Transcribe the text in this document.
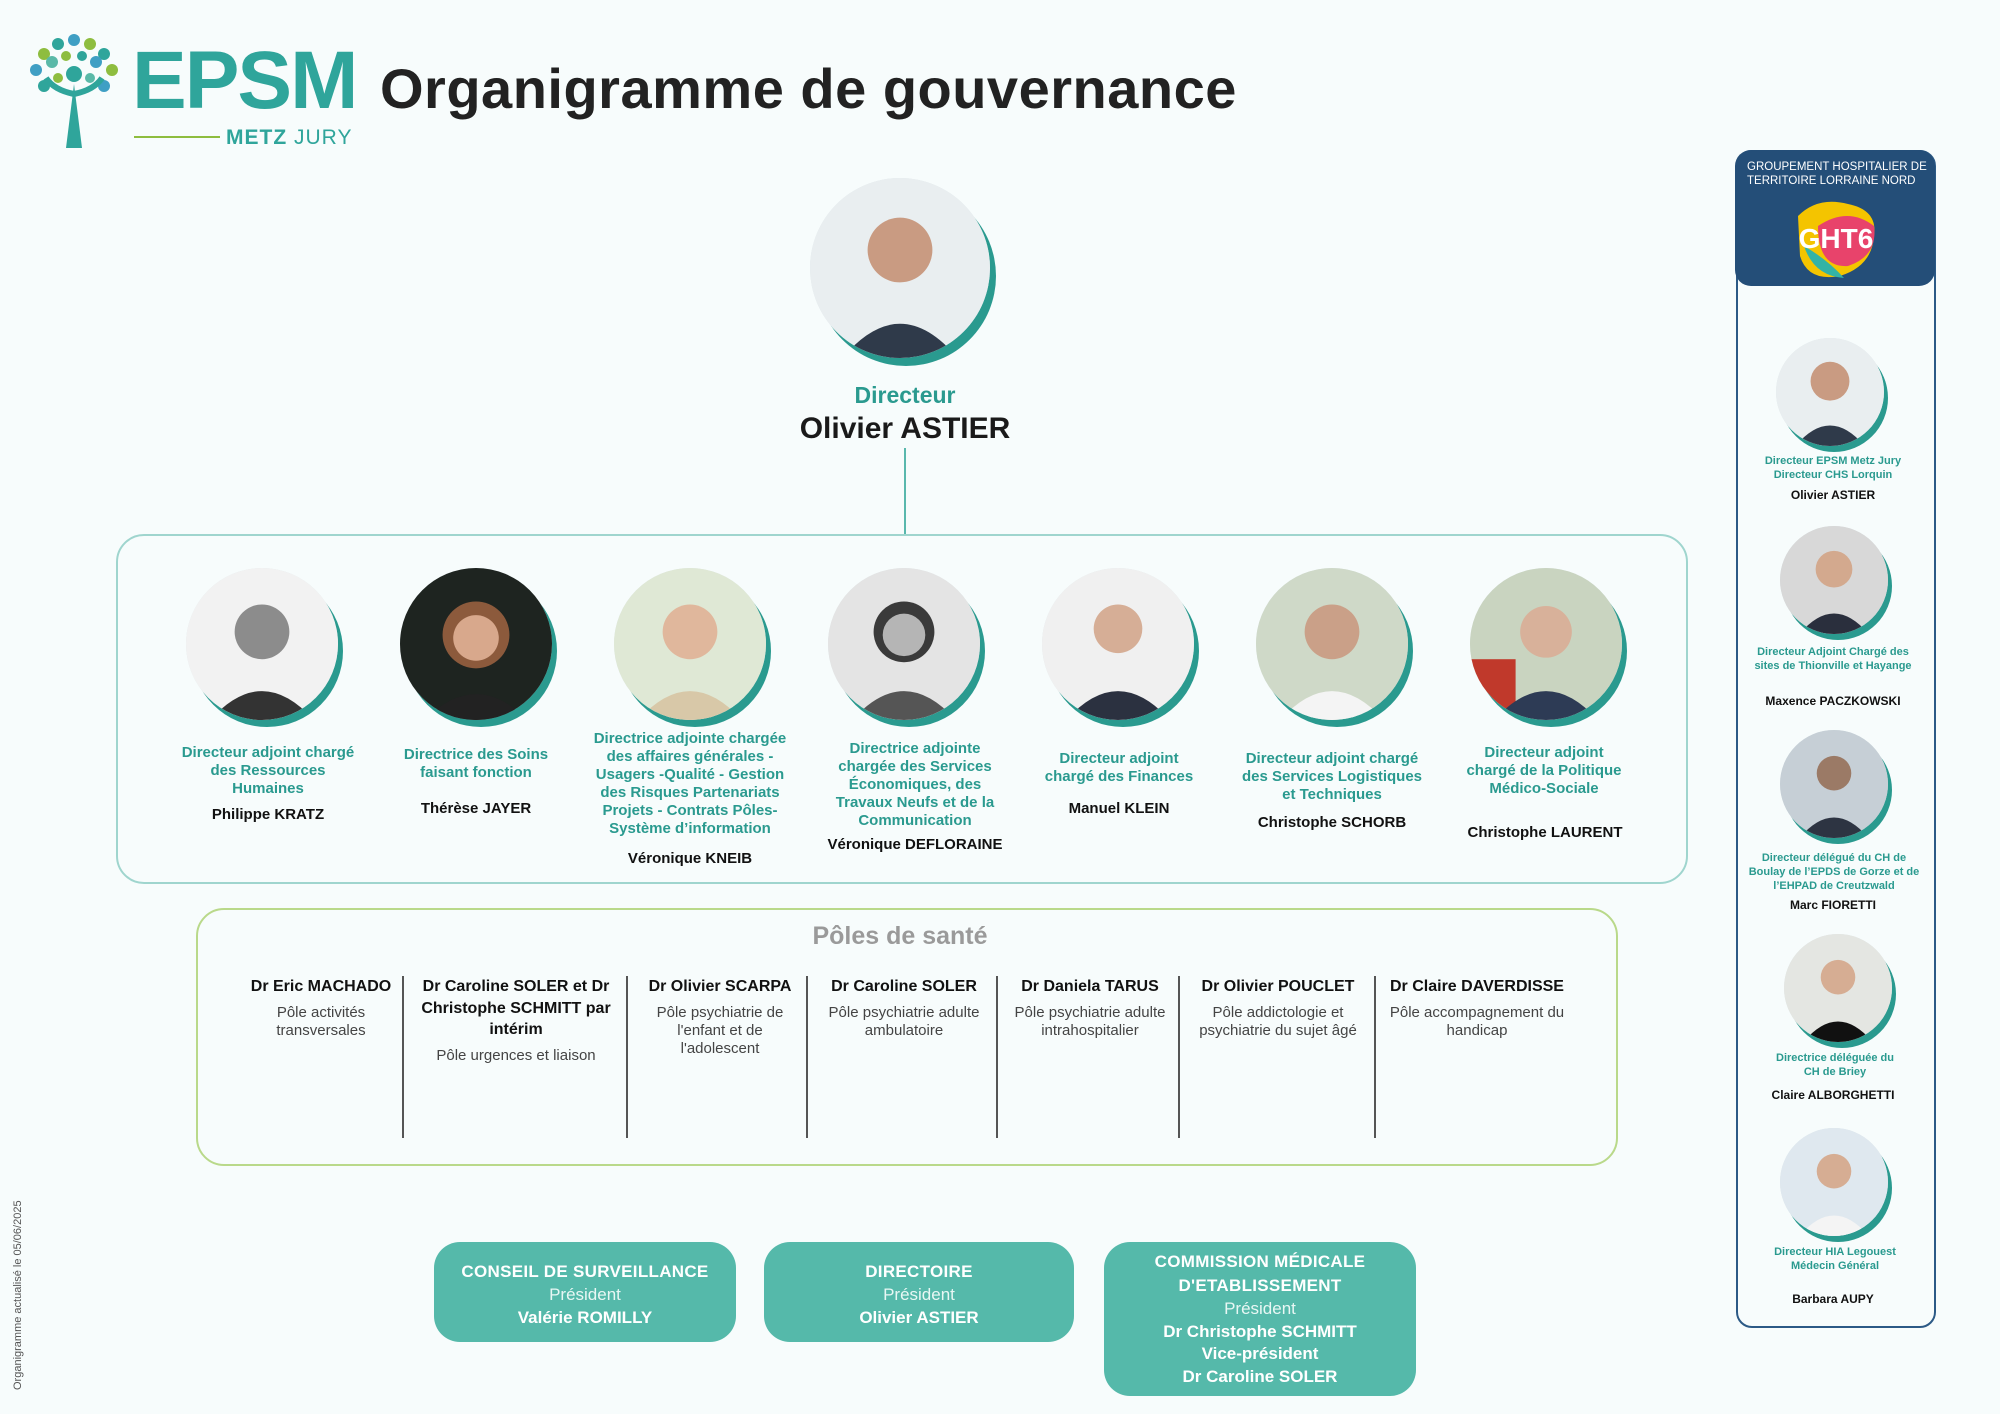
EPSM
METZ JURY
Organigramme de gouvernance
Directeur
Olivier ASTIER
Directeur adjoint chargé des Ressources Humaines
Philippe KRATZ
Directrice des Soins faisant fonction
Thérèse JAYER
Directrice adjointe chargée des affaires générales - Usagers -Qualité - Gestion des Risques Partenariats Projets - Contrats Pôles- Système d’information
Véronique KNEIB
Directrice adjointe chargée des Services Économiques, des Travaux Neufs et de la Communication
Véronique DEFLORAINE
Directeur adjoint chargé des Finances
Manuel KLEIN
Directeur adjoint chargé des Services Logistiques et Techniques
Christophe SCHORB
Directeur adjoint chargé de la Politique Médico-Sociale
Christophe LAURENT
Pôles de santé
Dr Eric MACHADO
Pôle activités transversales
Dr Caroline SOLER et Dr Christophe SCHMITT par intérim
Pôle urgences et liaison
Dr Olivier SCARPA
Pôle psychiatrie de l'enfant et de l'adolescent
Dr Caroline SOLER
Pôle psychiatrie adulte ambulatoire
Dr Daniela TARUS
Pôle psychiatrie adulte intrahospitalier
Dr Olivier POUCLET
Pôle addictologie et psychiatrie du sujet âgé
Dr Claire DAVERDISSE
Pôle accompagnement du handicap
CONSEIL DE SURVEILLANCE
Président
Valérie ROMILLY
DIRECTOIRE
Président
Olivier ASTIER
COMMISSION MÉDICALE D'ETABLISSEMENT
Président
Dr Christophe SCHMITT
Vice-président
Dr Caroline SOLER
GROUPEMENT HOSPITALIER DE TERRITOIRE LORRAINE NORD
GHT6
Directeur EPSM Metz Jury Directeur CHS Lorquin
Olivier ASTIER
Directeur Adjoint Chargé des sites de Thionville et Hayange
Maxence PACZKOWSKI
Directeur délégué du CH de Boulay de l’EPDS de Gorze et de l’EHPAD de Creutzwald
Marc FIORETTI
Directrice déléguée du CH de Briey
Claire ALBORGHETTI
Directeur HIA Legouest Médecin Général
Barbara AUPY
Organigramme actualisé le 05/06/2025
